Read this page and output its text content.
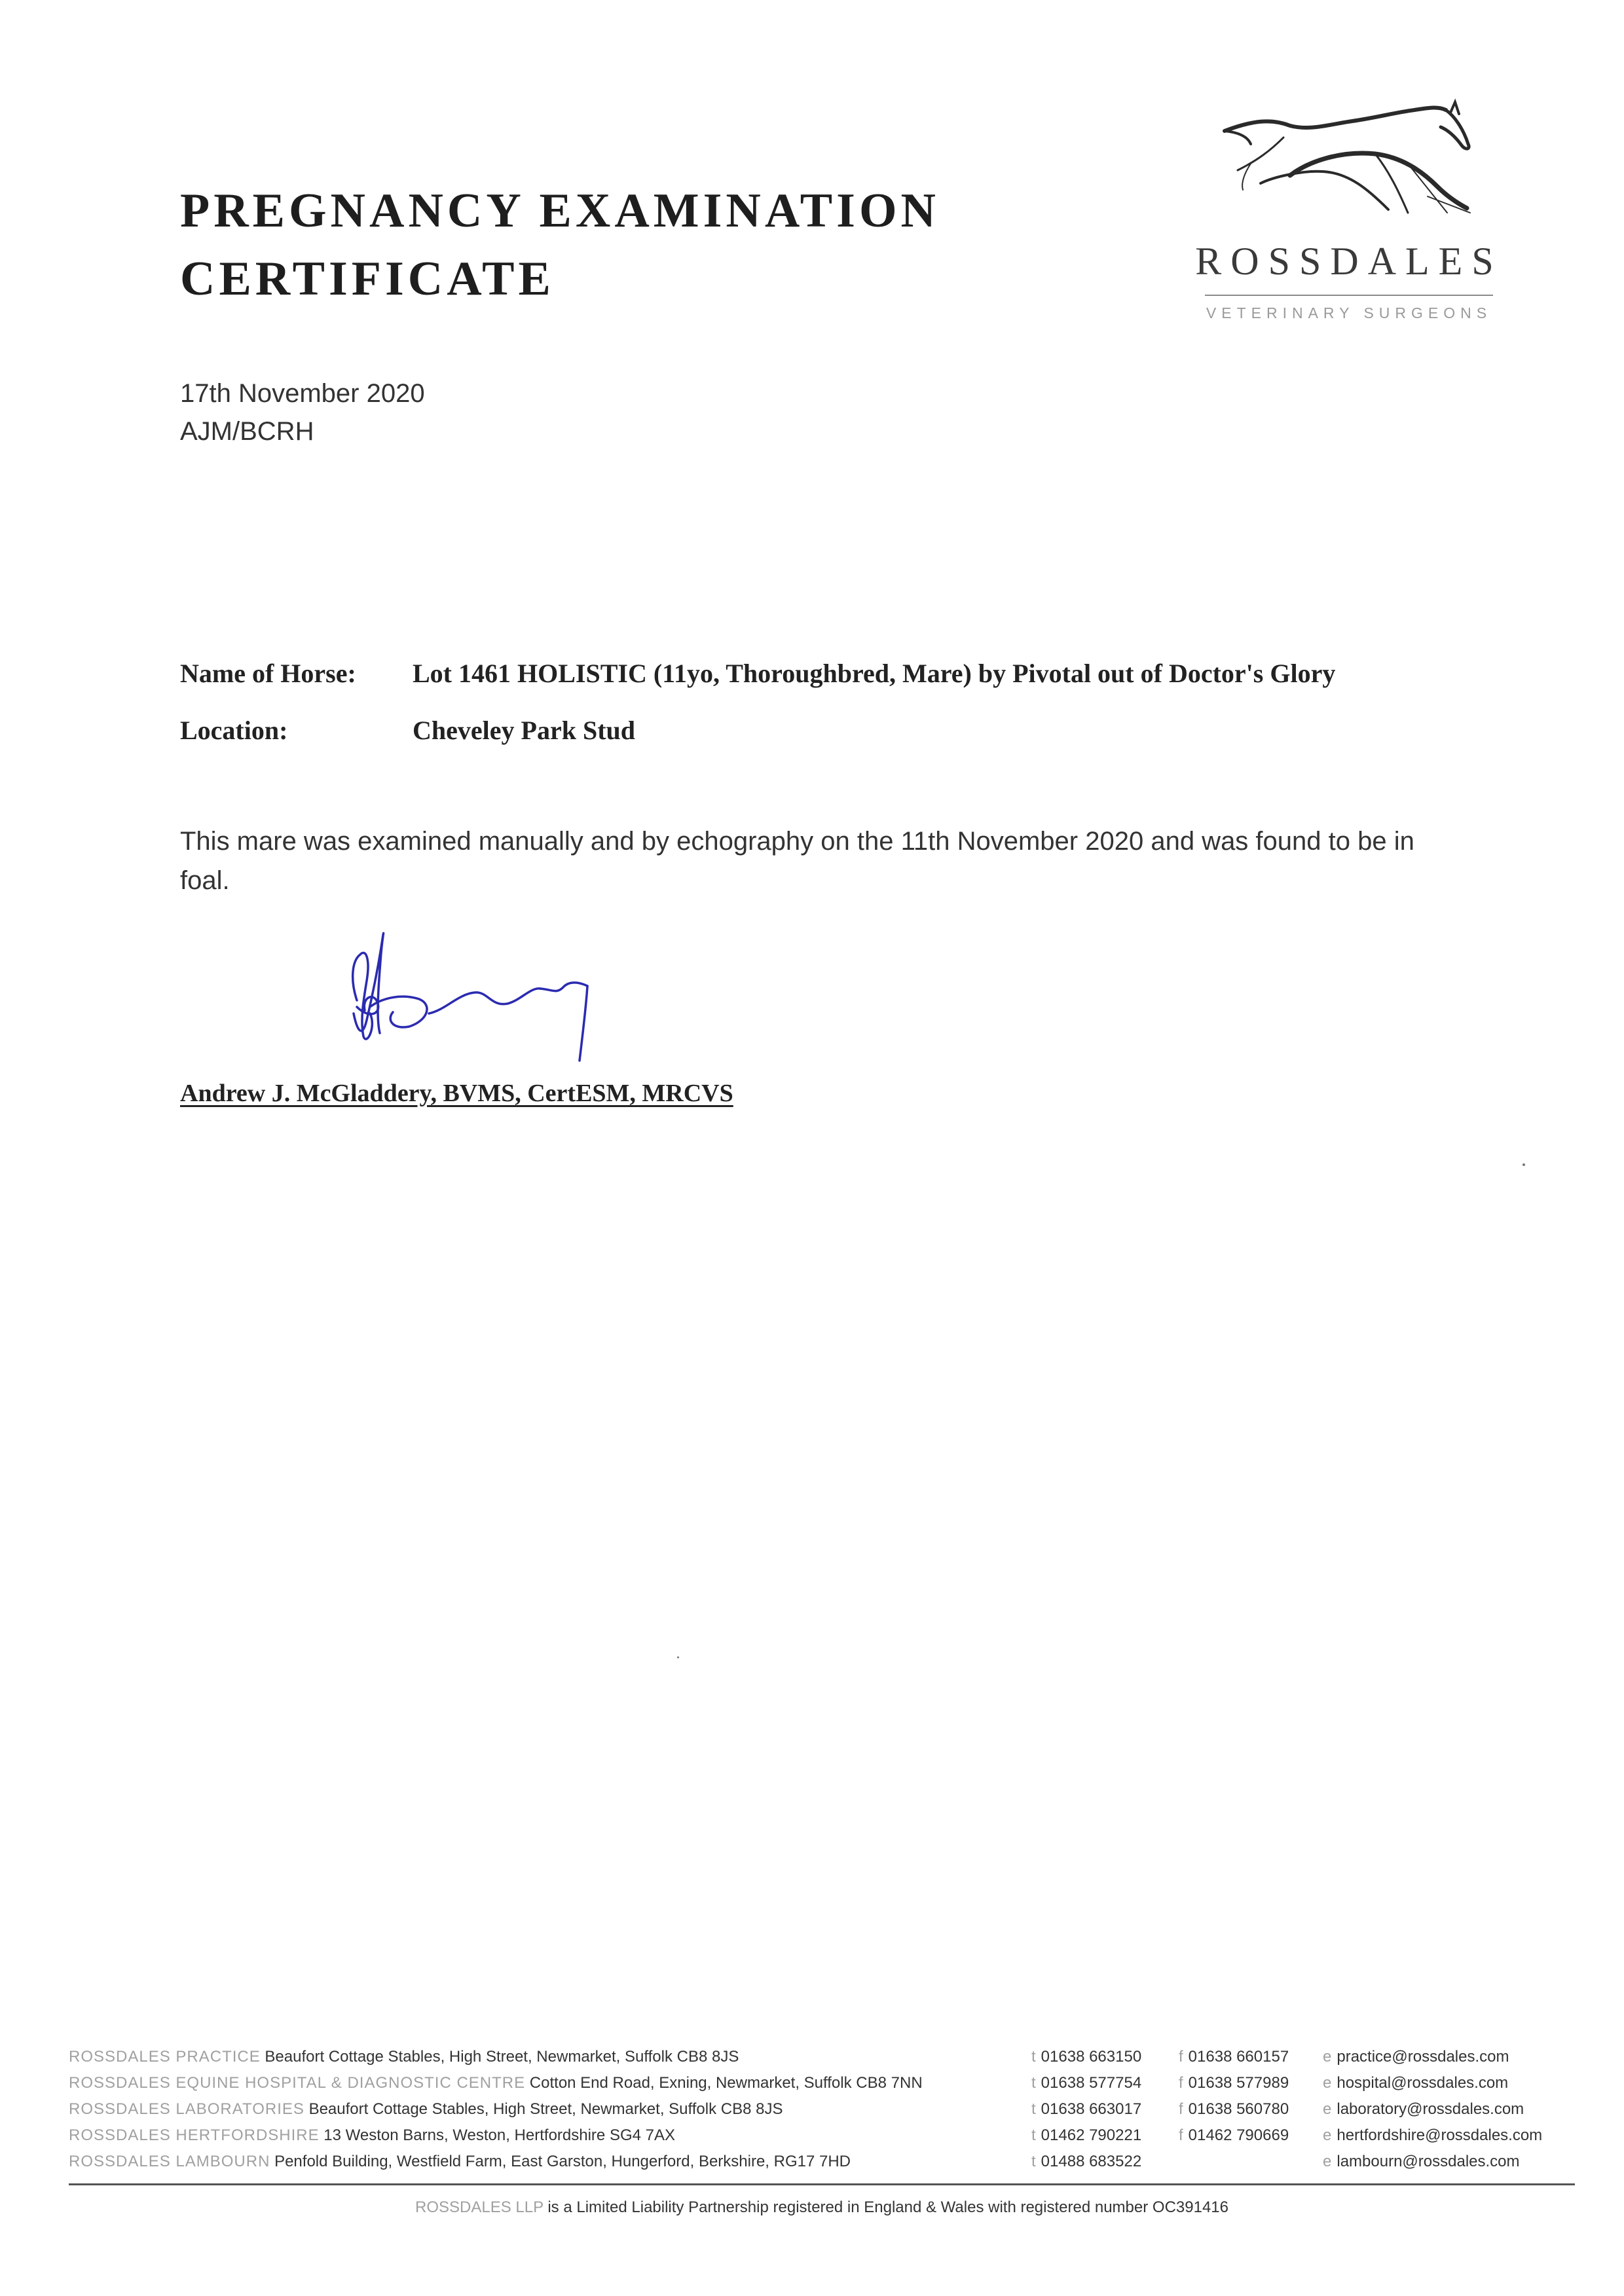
PREGNANCY EXAMINATION
CERTIFICATE	ROSSDALES
VETERINARY SURGEONS
17th November 2020
AJM/BCRH
Name of Horse: Lot 1461 HOLISTIC (11yo, Thoroughbred, Mare) by Pivotal out of Doctor's Glory
Location:	Cheveley Park Stud
This mare was examined manually and by echography on the 11th November 2020 and was found to be in foal.
Andrew J. McGladdery, BVMS, CertESM, MRCVS
ROSSDALES PRACTICE Beaufort Cottage Stables, High Street, Newmarket, Suffolk CB8 8JS	t 01638 663150 f 01638 660157 e practice@rossdales.com
ROSSDALES EQUINE HOSPITAL & DIAGNOSTIC CENTRE Cotton End Road, Exning, Newmarket, Suffolk CB8 7NN	t 01638 577754 f 01638 577989 e hospital@rossdales.com
ROSSDALES LABORATORIES Beaufort Cottage Stables, High Street, Newmarket, Suffolk CB8 8JS	t 01638 663017 f 01638 560780 e laboratory@rossdales.com
ROSSDALES HERTFORDSHIRE 13 Weston Barns, Weston, Hertfordshire SG4 7AX	t 01462 790221 f 01462 790669 e hertfordshire@rossdales.com
ROSSDALES LAMBOURN Penfold Building, Westfield Farm, East Garston, Hungerford, Berkshire, RG17 7HD	t 01488 683522	e lambourn@rossdales.com
ROSSDALES LLP is a Limited Liability Partnership registered in England & Wales with registered number OC391416
